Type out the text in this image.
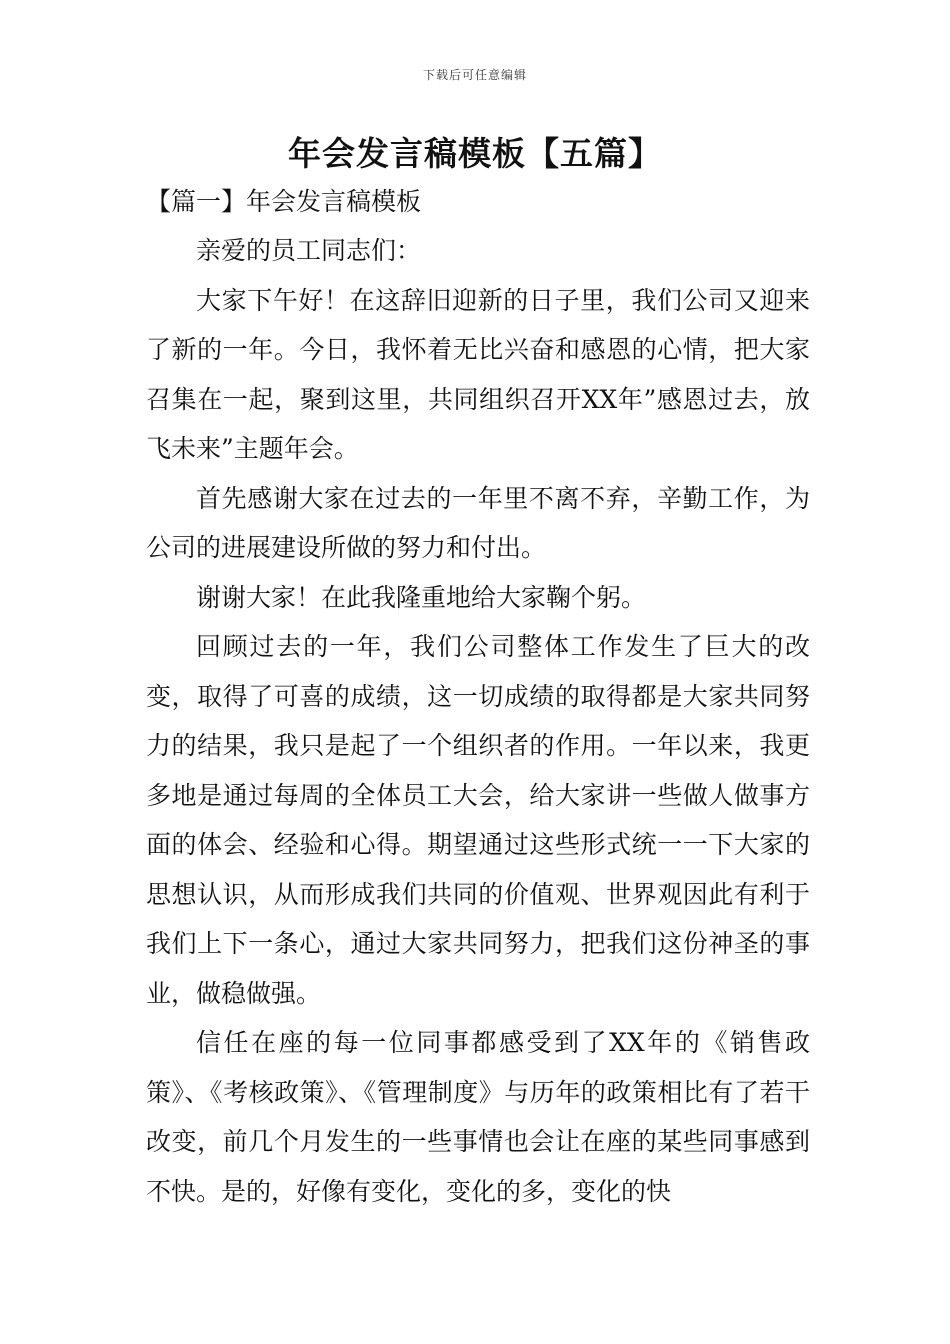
下载后可任意编辑
年会发言稿模板【五篇】

【篇一】年会发言稿模板

亲爱的员工同志们：

大家下午好！在这辞旧迎新的日子里，我们公司又迎来了新的一年。今日，我怀着无比兴奋和感恩的心情，把大家召集在一起，聚到这里，共同组织召开XX年”感恩过去，放飞未来”主题年会。

首先感谢大家在过去的一年里不离不弃，辛勤工作，为公司的进展建设所做的努力和付出。

谢谢大家！在此我隆重地给大家鞠个躬。

回顾过去的一年，我们公司整体工作发生了巨大的改变，取得了可喜的成绩，这一切成绩的取得都是大家共同努力的结果，我只是起了一个组织者的作用。一年以来，我更多地是通过每周的全体员工大会，给大家讲一些做人做事方面的体会、经验和心得。期望通过这些形式统一一下大家的思想认识，从而形成我们共同的价值观、世界观因此有利于我们上下一条心，通过大家共同努力，把我们这份神圣的事业，做稳做强。

信任在座的每一位同事都感受到了XX年的《销售政策》、《考核政策》、《管理制度》与历年的政策相比有了若干改变，前几个月发生的一些事情也会让在座的某些同事感到不快。是的，好像有变化，变化的多，变化的快
